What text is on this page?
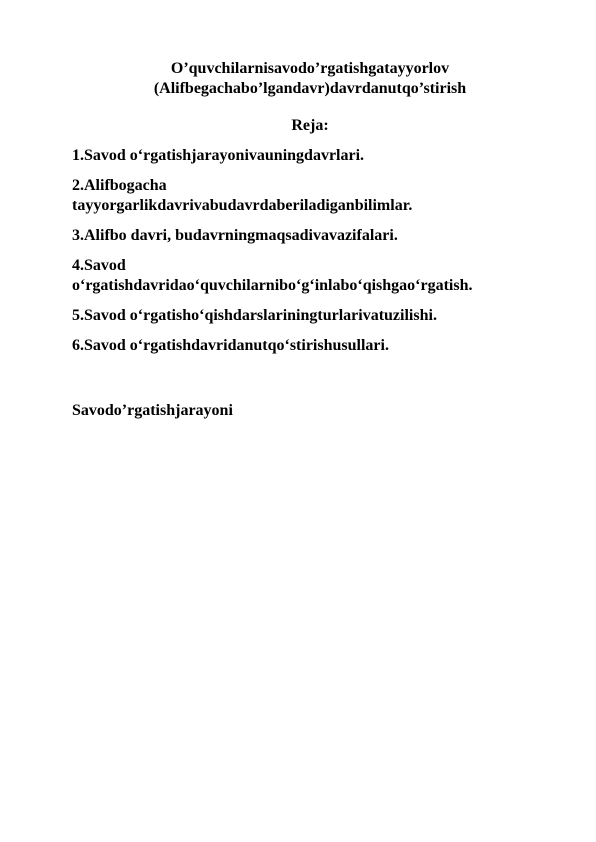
O’quvchilarnisavodo’rgatishgatayyorlov

(Alifbegachabo’lgandavr)davrdanutqo’stirish

Reja:

1.Savod o‘rgatishjarayonivauningdavrlari.
2.Alifbogacha
tayyorgarlikdavrivabudavrdaberiladiganbilimlar.
3.Alifbo davri, budavrningmaqsadivavazifalari.
4.Savod
o‘rgatishdavridao‘quvchilarnibo‘g‘inlabo‘qishgao‘rgatish.
5.Savod o‘rgatisho‘qishdarslariningturlarivatuzilishi.
6.Savod o‘rgatishdavridanutqo‘stirishusullari.

Savodo’rgatishjarayoni
